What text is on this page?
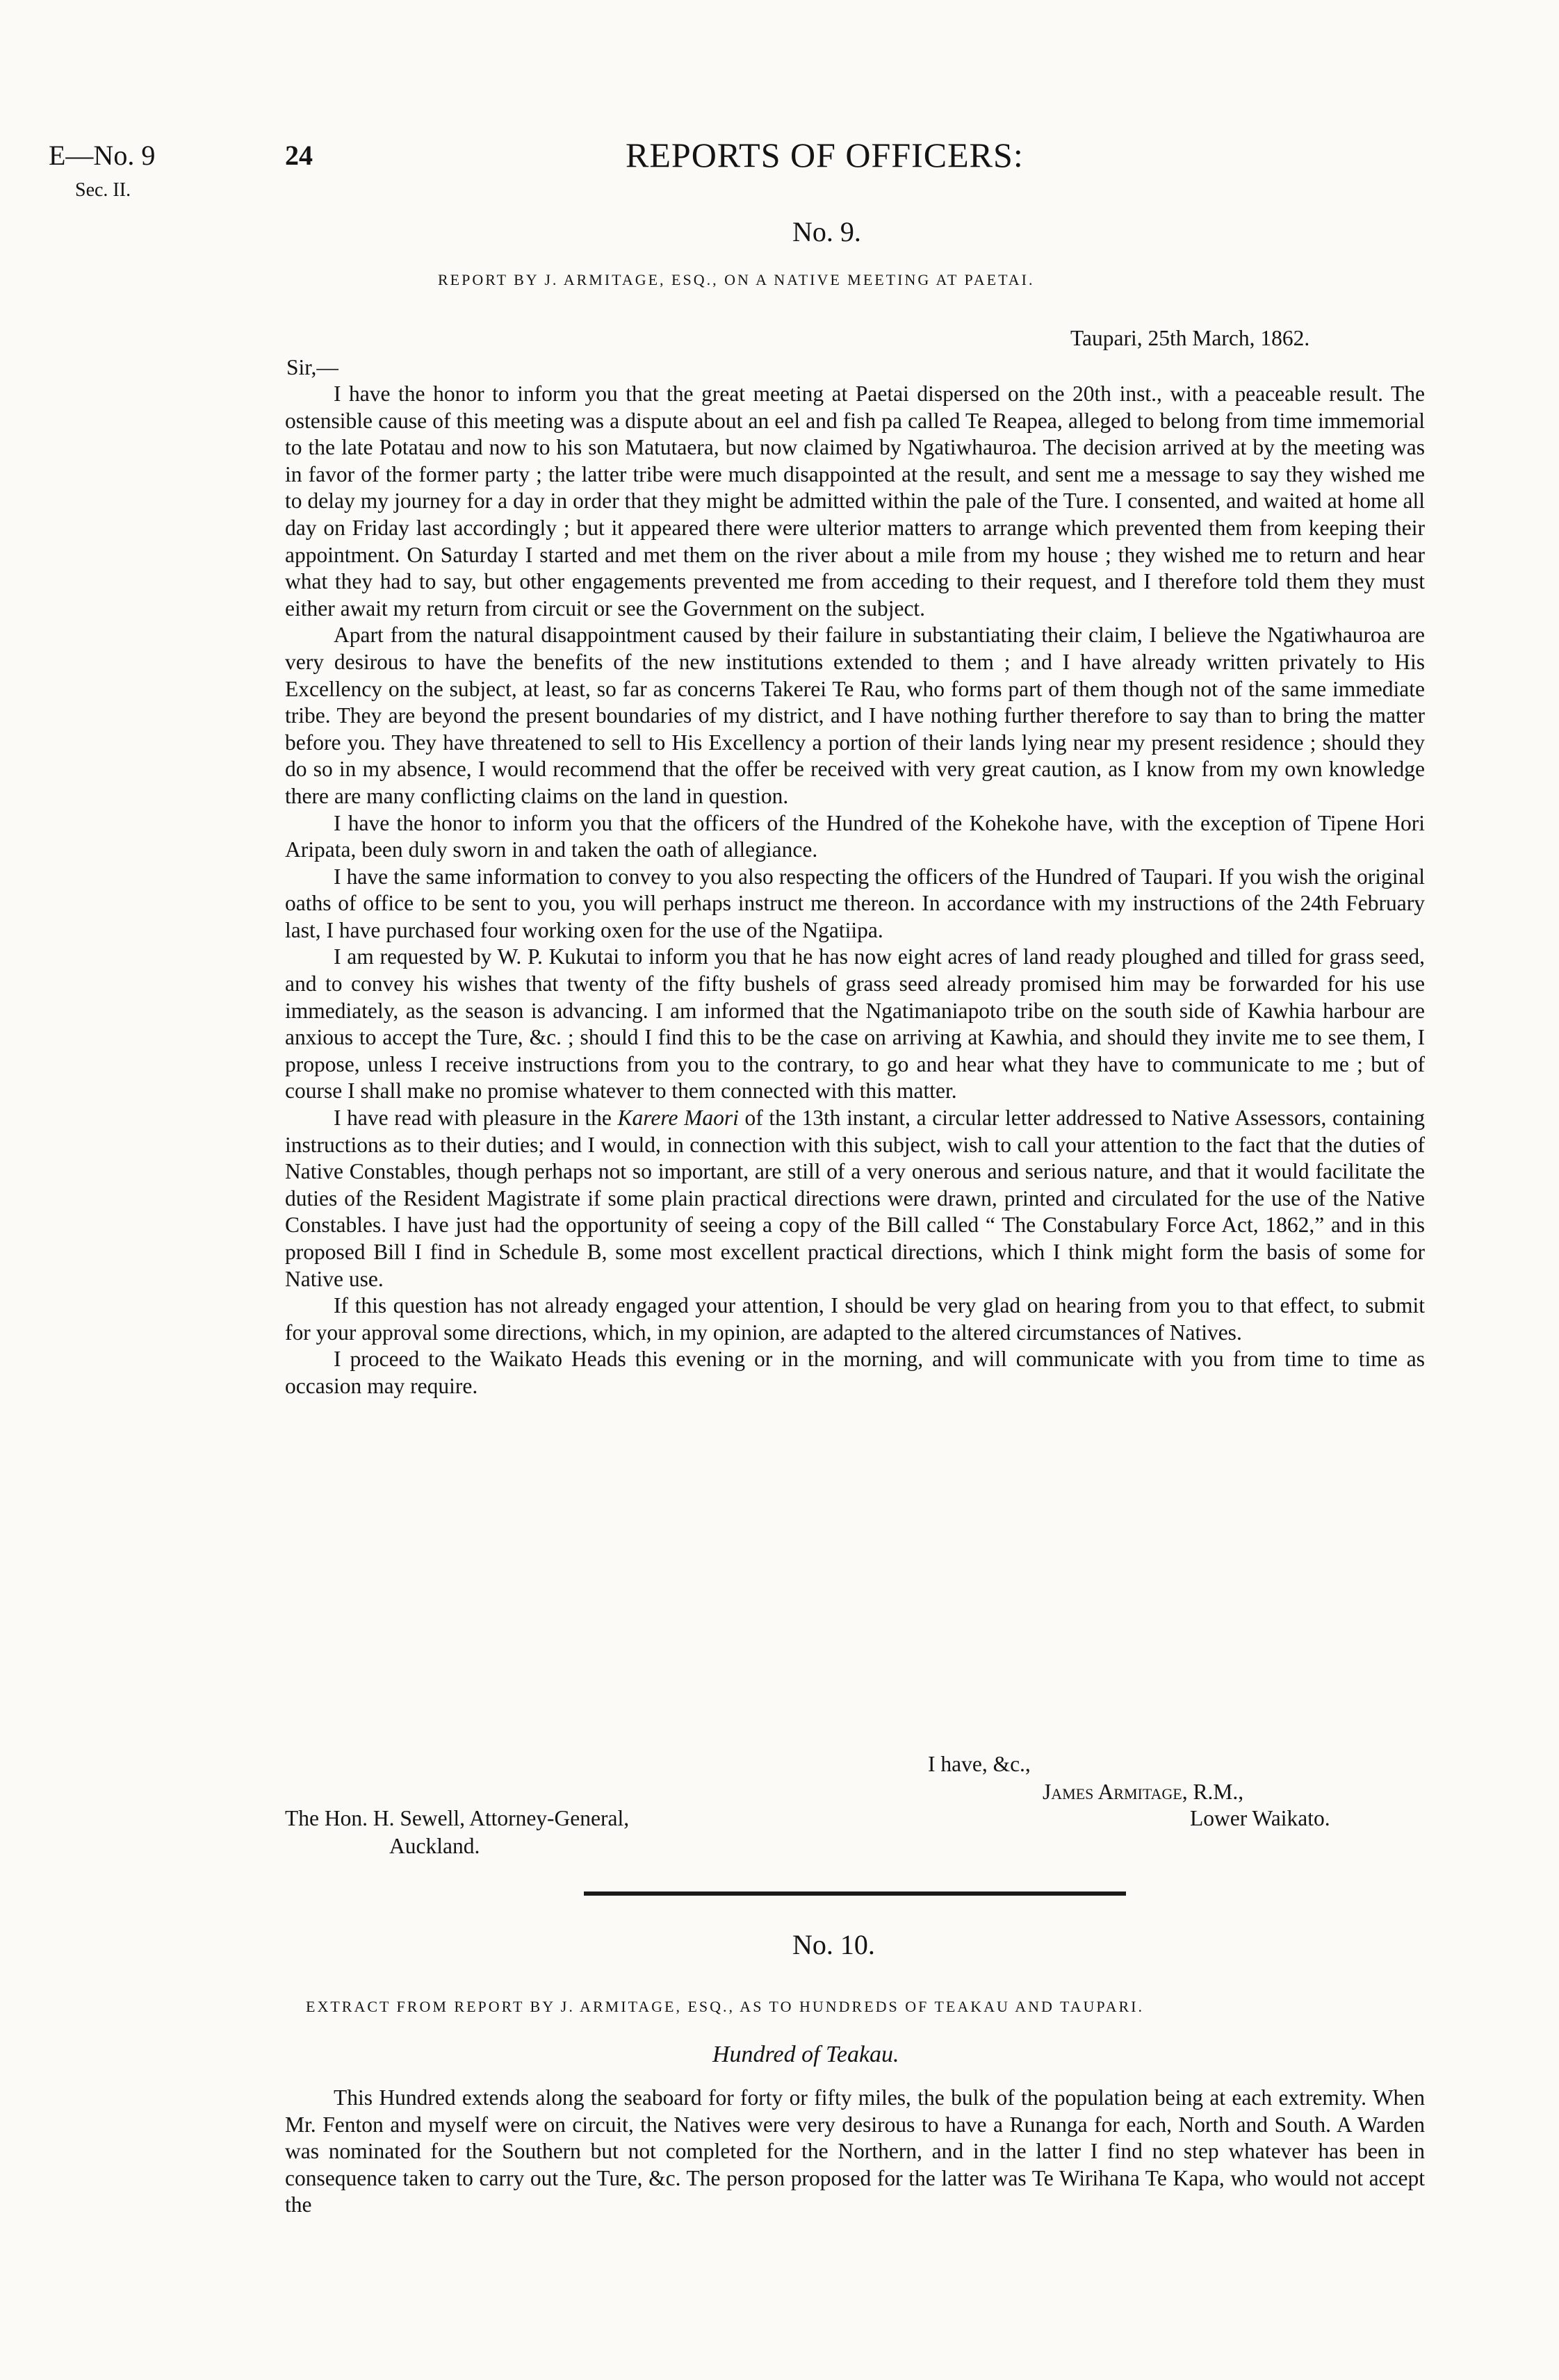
E—No. 9
Sec. II.
24	REPORTS OF OFFICERS:
No. 9.
REPORT BY J. ARMITAGE, ESQ., ON A NATIVE MEETING AT PAETAI.
Taupari, 25th March, 1862.
Sir,—

I have the honor to inform you that the great meeting at Paetai dispersed on the 20th inst., with a peaceable result. The ostensible cause of this meeting was a dispute about an eel and fish pa called Te Reapea, alleged to belong from time immemorial to the late Potatau and now to his son Matutaera, but now claimed by Ngatiwhauroa. The decision arrived at by the meeting was in favor of the former party ; the latter tribe were much disappointed at the result, and sent me a message to say they wished me to delay my journey for a day in order that they might be admitted within the pale of the Ture. I consented, and waited at home all day on Friday last accordingly ; but it appeared there were ulterior matters to arrange which prevented them from keeping their appointment. On Saturday I started and met them on the river about a mile from my house ; they wished me to return and hear what they had to say, but other engagements prevented me from acceding to their request, and I therefore told them they must either await my return from circuit or see the Government on the subject.

Apart from the natural disappointment caused by their failure in substantiating their claim, I believe the Ngatiwhauroa are very desirous to have the benefits of the new institutions extended to them ; and I have already written privately to His Excellency on the subject, at least, so far as concerns Takerei Te Rau, who forms part of them though not of the same immediate tribe. They are beyond the present boundaries of my district, and I have nothing further therefore to say than to bring the matter before you. They have threatened to sell to His Excellency a portion of their lands lying near my present residence ; should they do so in my absence, I would recommend that the offer be received with very great caution, as I know from my own knowledge there are many conflicting claims on the land in question.

I have the honor to inform you that the officers of the Hundred of the Kohekohe have, with the exception of Tipene Hori Aripata, been duly sworn in and taken the oath of allegiance.

I have the same information to convey to you also respecting the officers of the Hundred of Taupari. If you wish the original oaths of office to be sent to you, you will perhaps instruct me thereon. In accordance with my instructions of the 24th February last, I have purchased four working oxen for the use of the Ngatiipa.

I am requested by W. P. Kukutai to inform you that he has now eight acres of land ready ploughed and tilled for grass seed, and to convey his wishes that twenty of the fifty bushels of grass seed already promised him may be forwarded for his use immediately, as the season is advancing. I am informed that the Ngatimaniapoto tribe on the south side of Kawhia harbour are anxious to accept the Ture, &c. ; should I find this to be the case on arriving at Kawhia, and should they invite me to see them, I propose, unless I receive instructions from you to the contrary, to go and hear what they have to communicate to me ; but of course I shall make no promise whatever to them connected with this matter.

I have read with pleasure in the Karere Maori of the 13th instant, a circular letter addressed to Native Assessors, containing instructions as to their duties; and I would, in connection with this subject, wish to call your attention to the fact that the duties of Native Constables, though perhaps not so important, are still of a very onerous and serious nature, and that it would facilitate the duties of the Resident Magistrate if some plain practical directions were drawn, printed and circulated for the use of the Native Constables. I have just had the opportunity of seeing a copy of the Bill called “ The Constabulary Force Act, 1862,” and in this proposed Bill I find in Schedule B, some most excellent practical directions, which I think might form the basis of some for Native use.

If this question has not already engaged your attention, I should be very glad on hearing from you to that effect, to submit for your approval some directions, which, in my opinion, are adapted to the altered circumstances of Natives.

I proceed to the Waikato Heads this evening or in the morning, and will communicate with you from time to time as occasion may require.

I have, &c.,
James Armitage, R.M.,
Lower Waikato.
The Hon. H. Sewell, Attorney-General,
Auckland.
No. 10.
EXTRACT FROM REPORT BY J. ARMITAGE, ESQ., AS TO HUNDREDS OF TEAKAU AND TAUPARI.
Hundred of Teakau.

This Hundred extends along the seaboard for forty or fifty miles, the bulk of the population being at each extremity. When Mr. Fenton and myself were on circuit, the Natives were very desirous to have a Runanga for each, North and South. A Warden was nominated for the Southern but not completed for the Northern, and in the latter I find no step whatever has been in consequence taken to carry out the Ture, &c. The person proposed for the latter was Te Wirihana Te Kapa, who would not accept the
